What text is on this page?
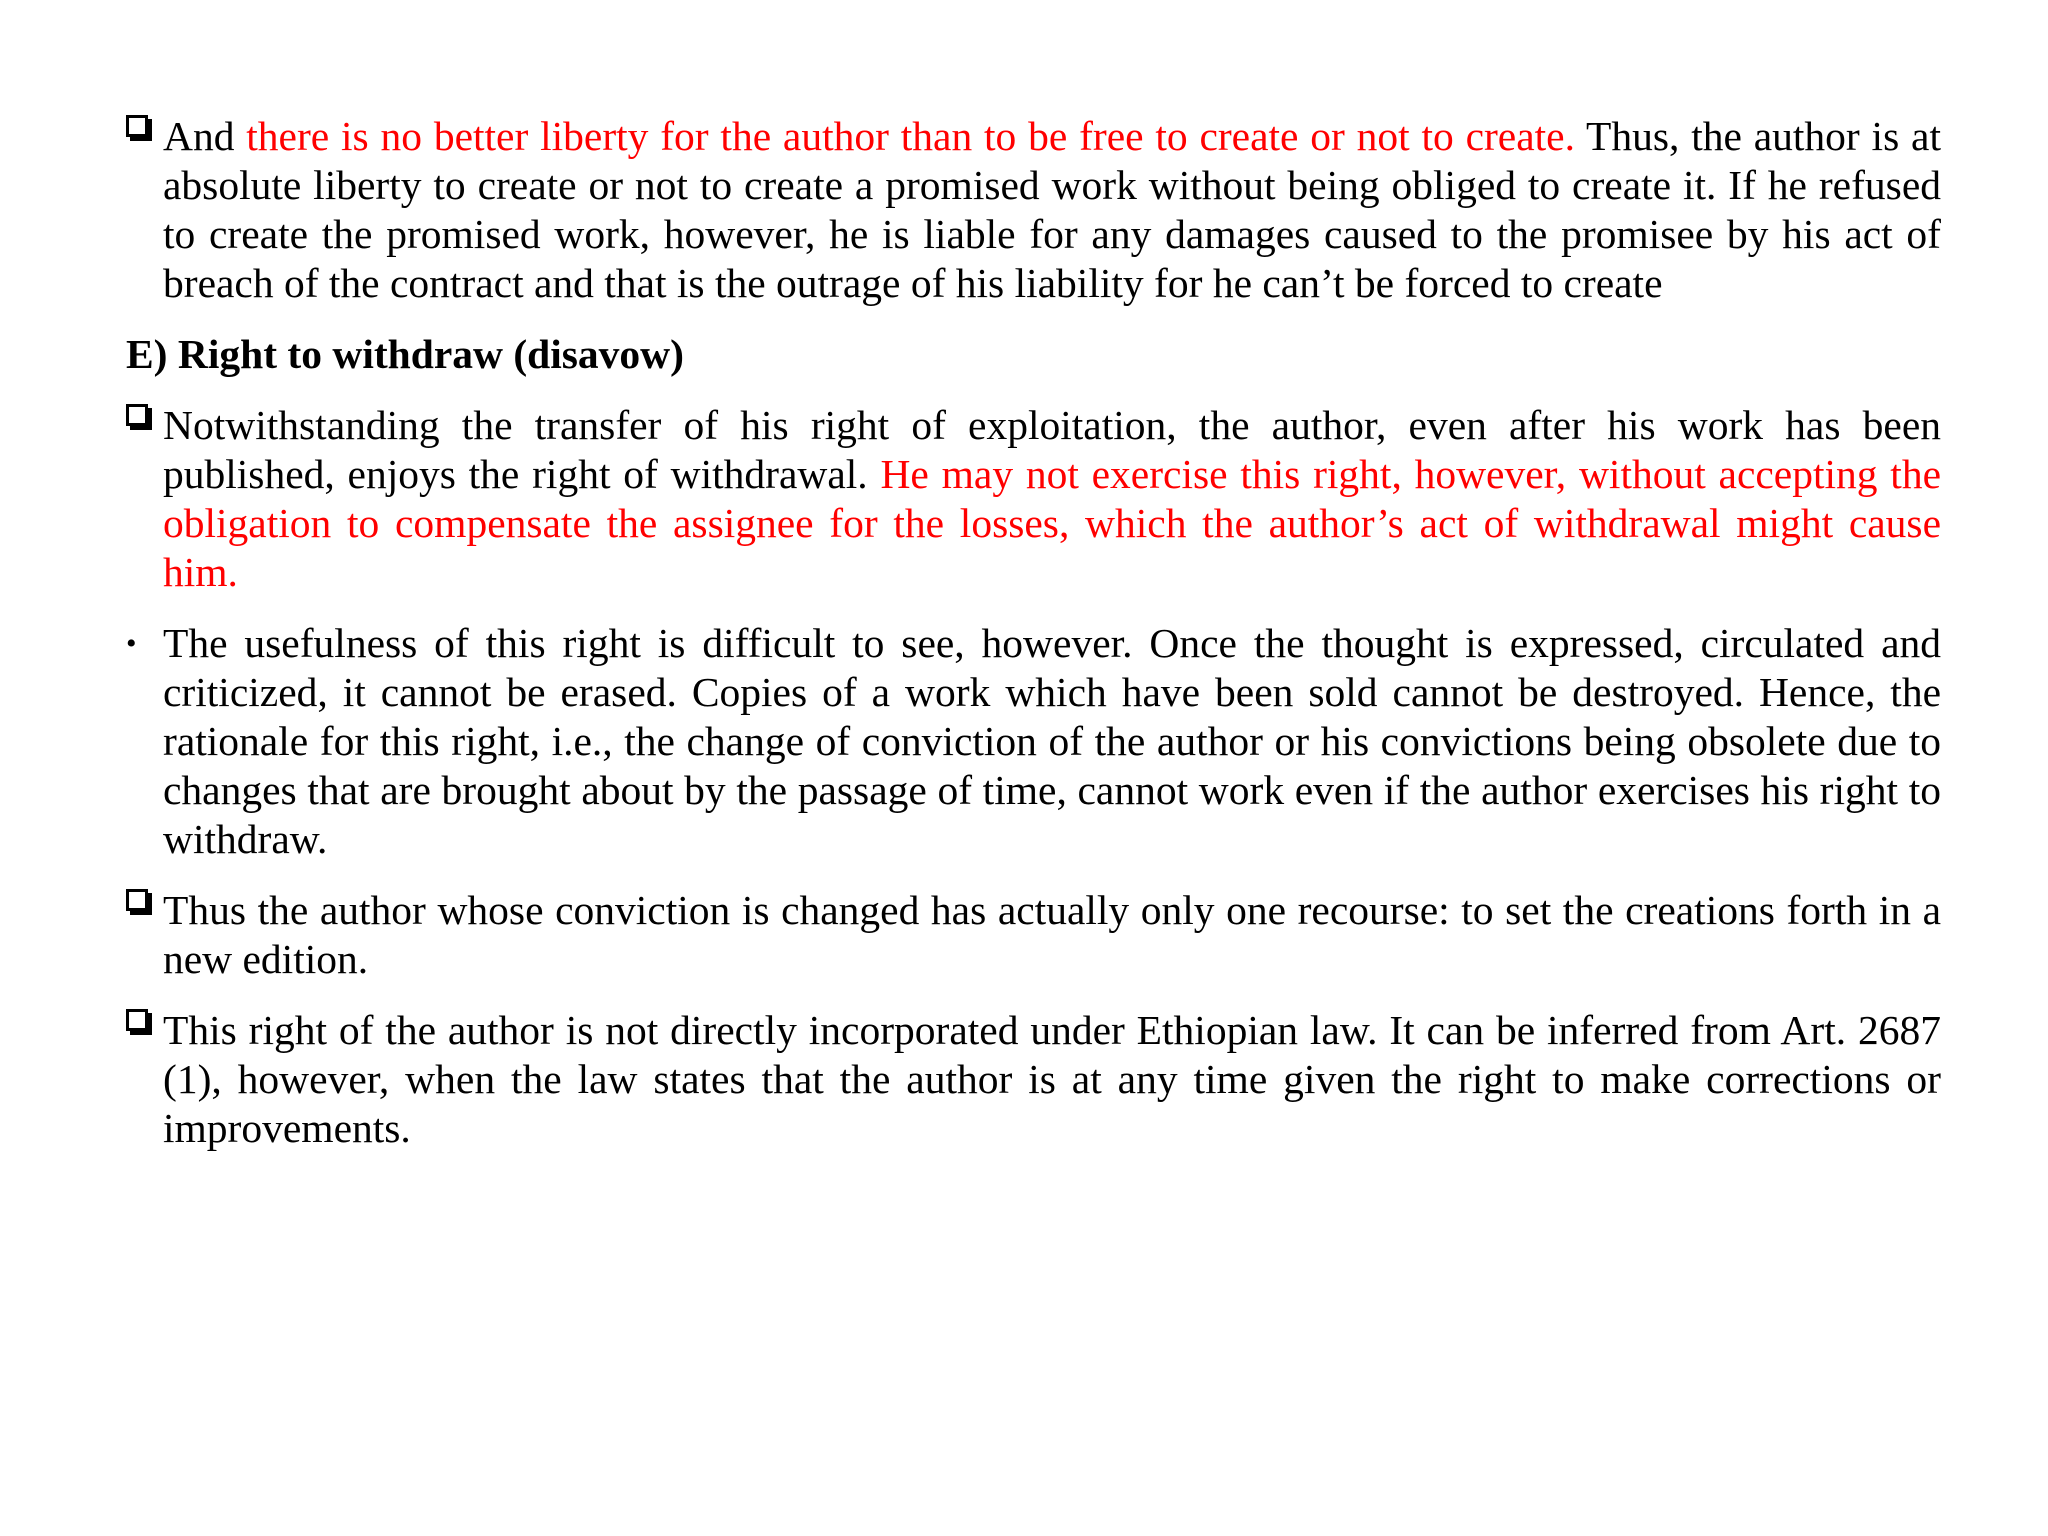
And there is no better liberty for the author than to be free to create or not to create. Thus, the author is at absolute liberty to create or not to create a promised work without being obliged to create it. If he refused to create the promised work, however, he is liable for any damages caused to the promisee by his act of breach of the contract and that is the outrage of his liability for he can’t be forced to create
E) Right to withdraw (disavow)
Notwithstanding the transfer of his right of exploitation, the author, even after his work has been published, enjoys the right of withdrawal. He may not exercise this right, however, without accepting the obligation to compensate the assignee for the losses, which the author’s act of withdrawal might cause him.
• The usefulness of this right is difficult to see, however. Once the thought is expressed, circulated and criticized, it cannot be erased. Copies of a work which have been sold cannot be destroyed. Hence, the rationale for this right, i.e., the change of conviction of the author or his convictions being obsolete due to changes that are brought about by the passage of time, cannot work even if the author exercises his right to withdraw.
Thus the author whose conviction is changed has actually only one recourse: to set the creations forth in a new edition.
This right of the author is not directly incorporated under Ethiopian law. It can be inferred from Art. 2687 (1), however, when the law states that the author is at any time given the right to make corrections or improvements.
